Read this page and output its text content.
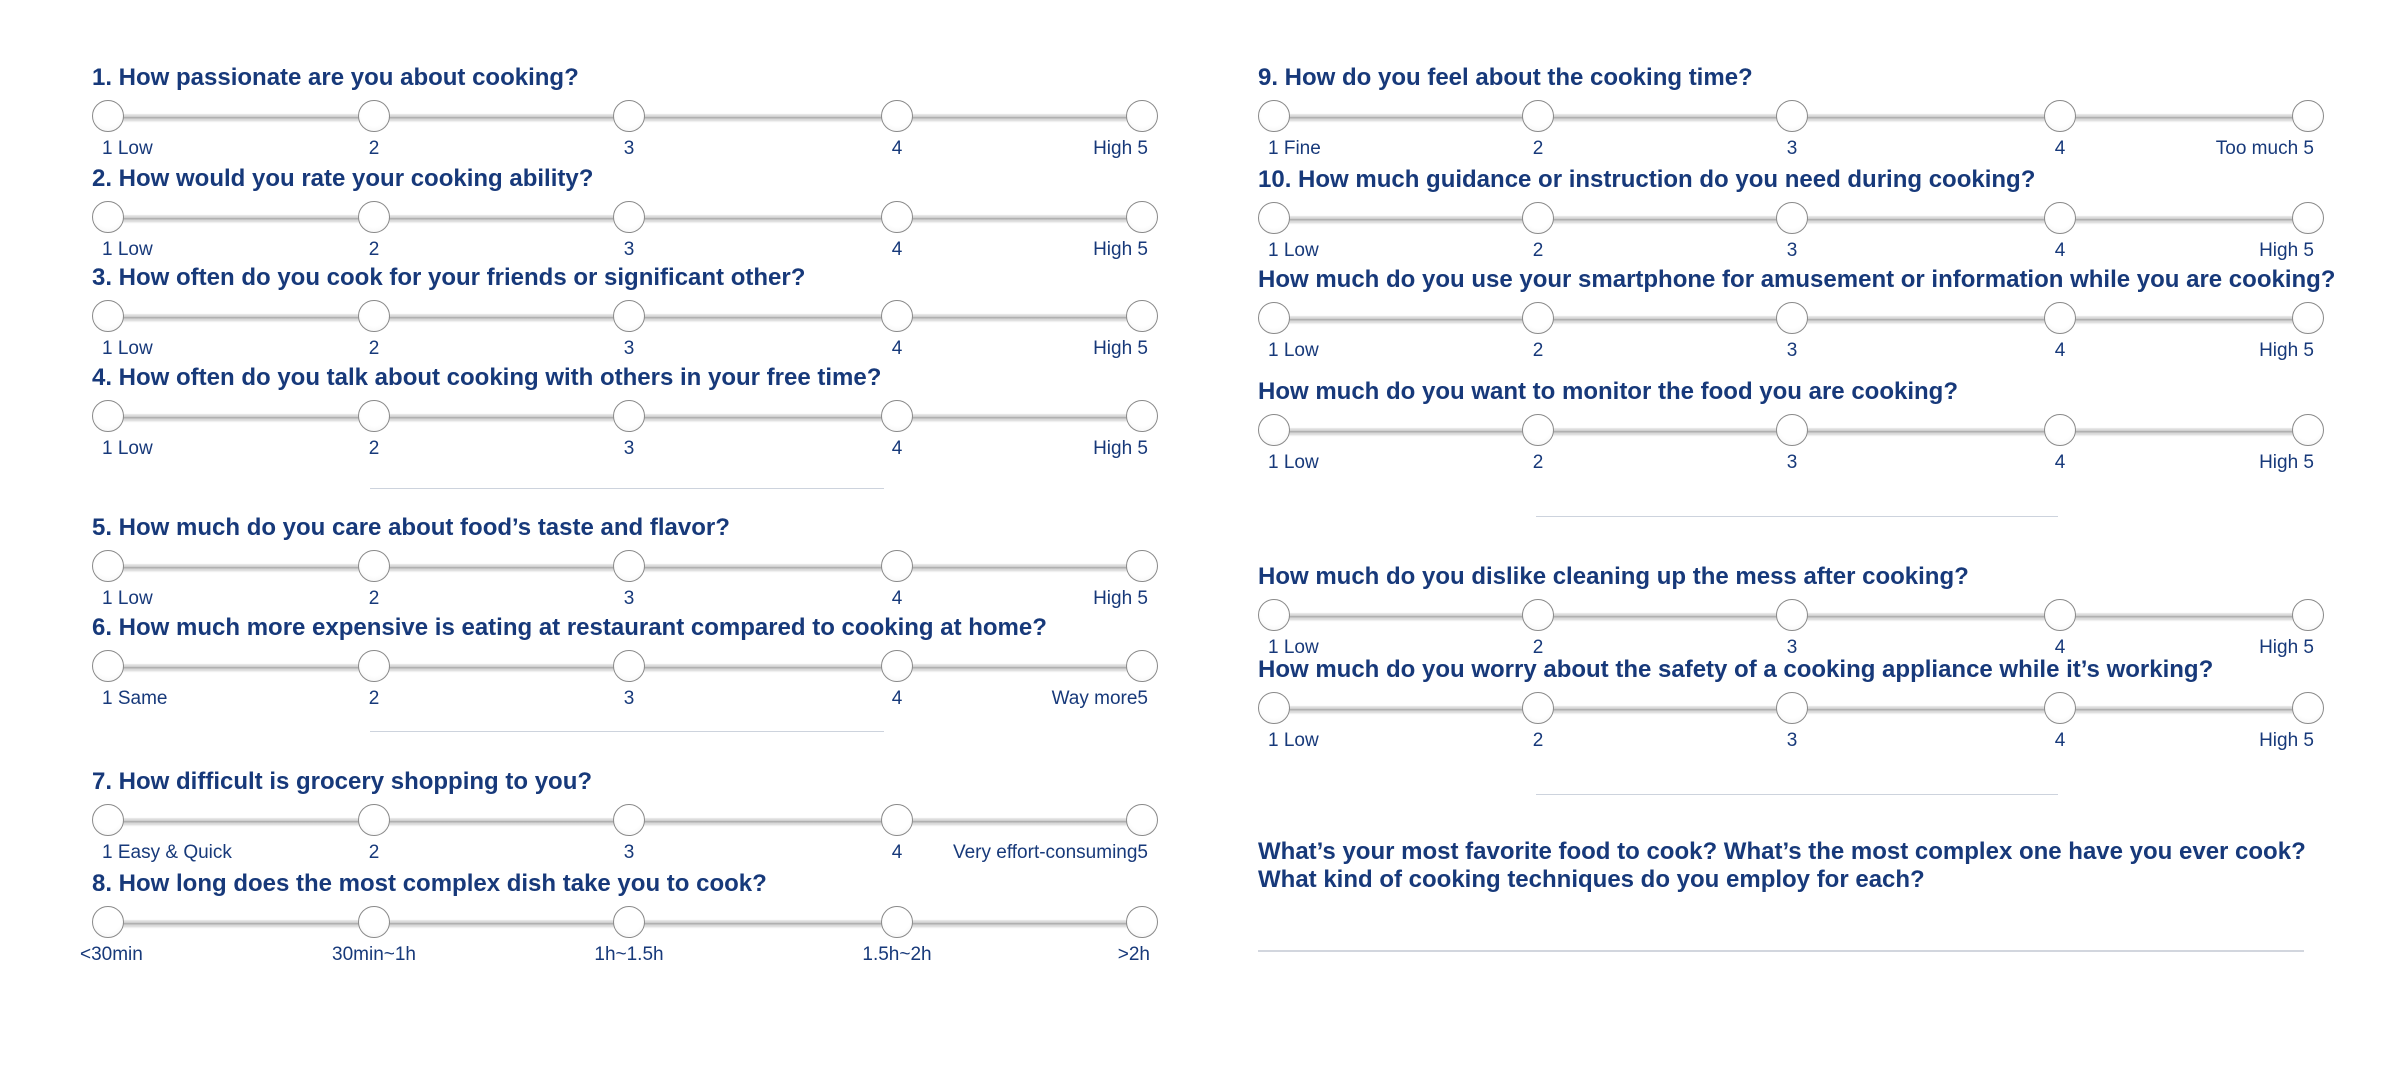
1. How passionate are you about cooking?
1 Low	2	3	4	High 5
2. How would you rate your cooking ability?
1 Low	2	3	4	High 5
3. How often do you cook for your friends or significant other?
1 Low	2	3	4	High 5
4. How often do you talk about cooking with others in your free time?
1 Low	2	3	4	High 5
5. How much do you care about food’s taste and flavor?
1 Low	2	3	4	High 5
6. How much more expensive is eating at restaurant compared to cooking at home?
1 Same	2	3	4	Way more5
7. How difficult is grocery shopping to you?
1 Easy & Quick	2	3	4	Very effort-consuming5
8. How long does the most complex dish take you to cook?
<30min	30min~1h	1h~1.5h	1.5h~2h	>2h
9. How do you feel about the cooking time?
1 Fine	2	3	4	Too much 5
10. How much guidance or instruction do you need during cooking?
1 Low	2	3	4	High 5
How much do you use your smartphone for amusement or information while you are cooking?
1 Low	2	3	4	High 5
How much do you want to monitor the food you are cooking?
1 Low	2	3	4	High 5
How much do you dislike cleaning up the mess after cooking?
1 Low	2	3	4	High 5
How much do you worry about the safety of a cooking appliance while it’s working?
1 Low	2	3	4	High 5
What’s your most favorite food to cook? What’s the most complex one have you ever cook? What kind of cooking techniques do you employ for each?
